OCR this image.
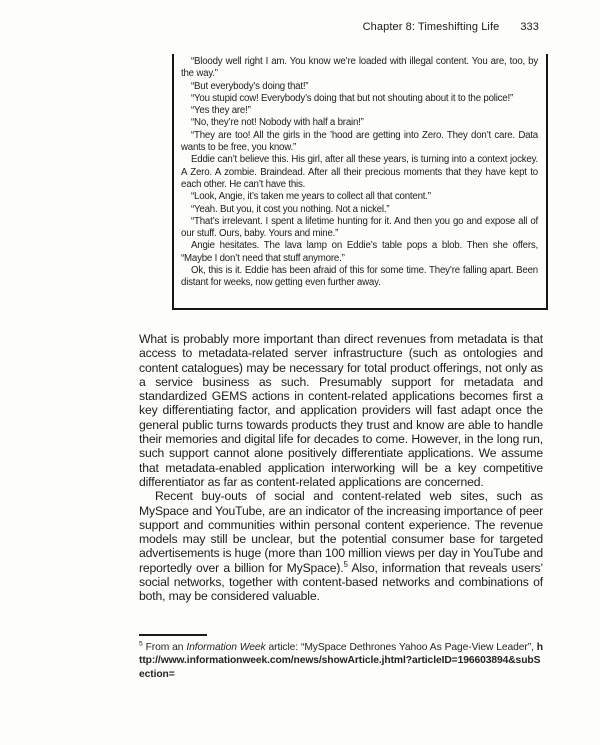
Chapter 8: Timeshifting Life 333

“Bloody well right I am. You know we’re loaded with illegal content. You are, too, by the way.”

“But everybody’s doing that!”

“You stupid cow! Everybody’s doing that but not shouting about it to the police!”

“Yes they are!”

“No, they’re not! Nobody with half a brain!”

“They are too! All the girls in the ’hood are getting into Zero. They don’t care. Data wants to be free, you know.”

Eddie can’t believe this. His girl, after all these years, is turning into a context jockey. A Zero. A zombie. Braindead. After all their precious moments that they have kept to each other. He can’t have this.

“Look, Angie, it’s taken me years to collect all that content.”

“Yeah. But you, it cost you nothing. Not a nickel.”

“That’s irrelevant. I spent a lifetime hunting for it. And then you go and expose all of our stuff. Ours, baby. Yours and mine.”

Angie hesitates. The lava lamp on Eddie’s table pops a blob. Then she offers, “Maybe I don’t need that stuff anymore.”

Ok, this is it. Eddie has been afraid of this for some time. They’re falling apart. Been distant for weeks, now getting even further away.

What is probably more important than direct revenues from metadata is that access to metadata-related server infrastructure (such as ontologies and content catalogues) may be necessary for total product offerings, not only as a service business as such. Presumably support for metadata and standardized GEMS actions in content-related applications becomes first a key differentiating factor, and application providers will fast adapt once the general public turns towards products they trust and know are able to handle their memories and digital life for decades to come. However, in the long run, such support cannot alone positively differentiate applications. We assume that metadata-enabled application interworking will be a key competitive differentiator as far as content-related applications are concerned.

Recent buy-outs of social and content-related web sites, such as MySpace and YouTube, are an indicator of the increasing importance of peer support and communities within personal content experience. The revenue models may still be unclear, but the potential consumer base for targeted advertisements is huge (more than 100 million views per day in YouTube and reportedly over a billion for MySpace).$^5$ Also, information that reveals users’ social networks, together with content-based networks and combinations of both, may be considered valuable.

$^5$ From an Information Week article: “MySpace Dethrones Yahoo As Page-View Leader”, http://www.informationweek.com/news/showArticle.jhtml?articleID=196603894&subSection=
